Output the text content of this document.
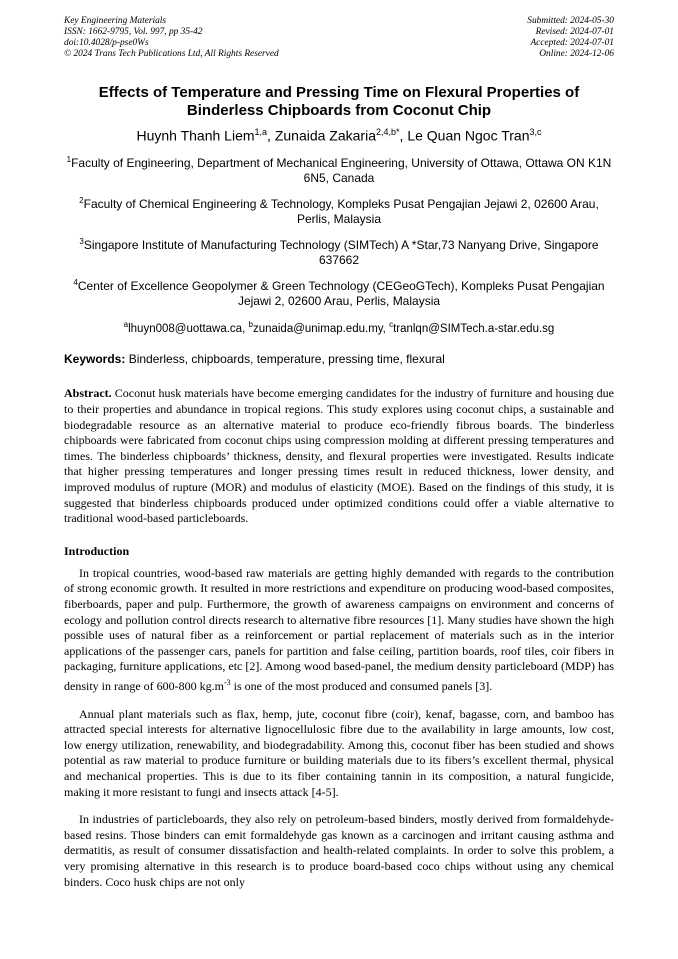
Key Engineering Materials
ISSN: 1662-9795, Vol. 997, pp 35-42
doi:10.4028/p-pse0Ws
© 2024 Trans Tech Publications Ltd, All Rights Reserved
Submitted: 2024-05-30
Revised: 2024-07-01
Accepted: 2024-07-01
Online: 2024-12-06
Effects of Temperature and Pressing Time on Flexural Properties of Binderless Chipboards from Coconut Chip
Huynh Thanh Liem$^{1,a}$, Zunaida Zakaria$^{2,4,b*}$, Le Quan Ngoc Tran$^{3,c}$
$^1$Faculty of Engineering, Department of Mechanical Engineering, University of Ottawa, Ottawa ON K1N 6N5, Canada
$^2$Faculty of Chemical Engineering & Technology, Kompleks Pusat Pengajian Jejawi 2, 02600 Arau, Perlis, Malaysia
$^3$Singapore Institute of Manufacturing Technology (SIMTech) A *Star,73 Nanyang Drive, Singapore 637662
$^4$Center of Excellence Geopolymer & Green Technology (CEGeoGTech), Kompleks Pusat Pengajian Jejawi 2, 02600 Arau, Perlis, Malaysia
$^a$lhuyn008@uottawa.ca, $^b$zunaida@unimap.edu.my, $^c$tranlqn@SIMTech.a-star.edu.sg
Keywords: Binderless, chipboards, temperature, pressing time, flexural
Abstract. Coconut husk materials have become emerging candidates for the industry of furniture and housing due to their properties and abundance in tropical regions. This study explores using coconut chips, a sustainable and biodegradable resource as an alternative material to produce eco-friendly fibrous boards. The binderless chipboards were fabricated from coconut chips using compression molding at different pressing temperatures and times. The binderless chipboards’ thickness, density, and flexural properties were investigated. Results indicate that higher pressing temperatures and longer pressing times result in reduced thickness, lower density, and improved modulus of rupture (MOR) and modulus of elasticity (MOE). Based on the findings of this study, it is suggested that binderless chipboards produced under optimized conditions could offer a viable alternative to traditional wood-based particleboards.
Introduction

In tropical countries, wood-based raw materials are getting highly demanded with regards to the contribution of strong economic growth. It resulted in more restrictions and expenditure on producing wood-based composites, fiberboards, paper and pulp. Furthermore, the growth of awareness campaigns on environment and concerns of ecology and pollution control directs research to alternative fibre resources [1]. Many studies have shown the high possible uses of natural fiber as a reinforcement or partial replacement of materials such as in the interior applications of the passenger cars, panels for partition and false ceiling, partition boards, roof tiles, coir fibers in packaging, furniture applications, etc [2]. Among wood based-panel, the medium density particleboard (MDP) has density in range of 600-800 $kg.m^{-3}$ is one of the most produced and consumed panels [3].

Annual plant materials such as flax, hemp, jute, coconut fibre (coir), kenaf, bagasse, corn, and bamboo has attracted special interests for alternative lignocellulosic fibre due to the availability in large amounts, low cost, low energy utilization, renewability, and biodegradability. Among this, coconut fiber has been studied and shows potential as raw material to produce furniture or building materials due to its fibers’s excellent thermal, physical and mechanical properties. This is due to its fiber containing tannin in its composition, a natural fungicide, making it more resistant to fungi and insects attack [4-5].

In industries of particleboards, they also rely on petroleum-based binders, mostly derived from formaldehyde-based resins. Those binders can emit formaldehyde gas known as a carcinogen and irritant causing asthma and dermatitis, as result of consumer dissatisfaction and health-related complaints. In order to solve this problem, a very promising alternative in this research is to produce board-based coco chips without using any chemical binders. Coco husk chips are not only
